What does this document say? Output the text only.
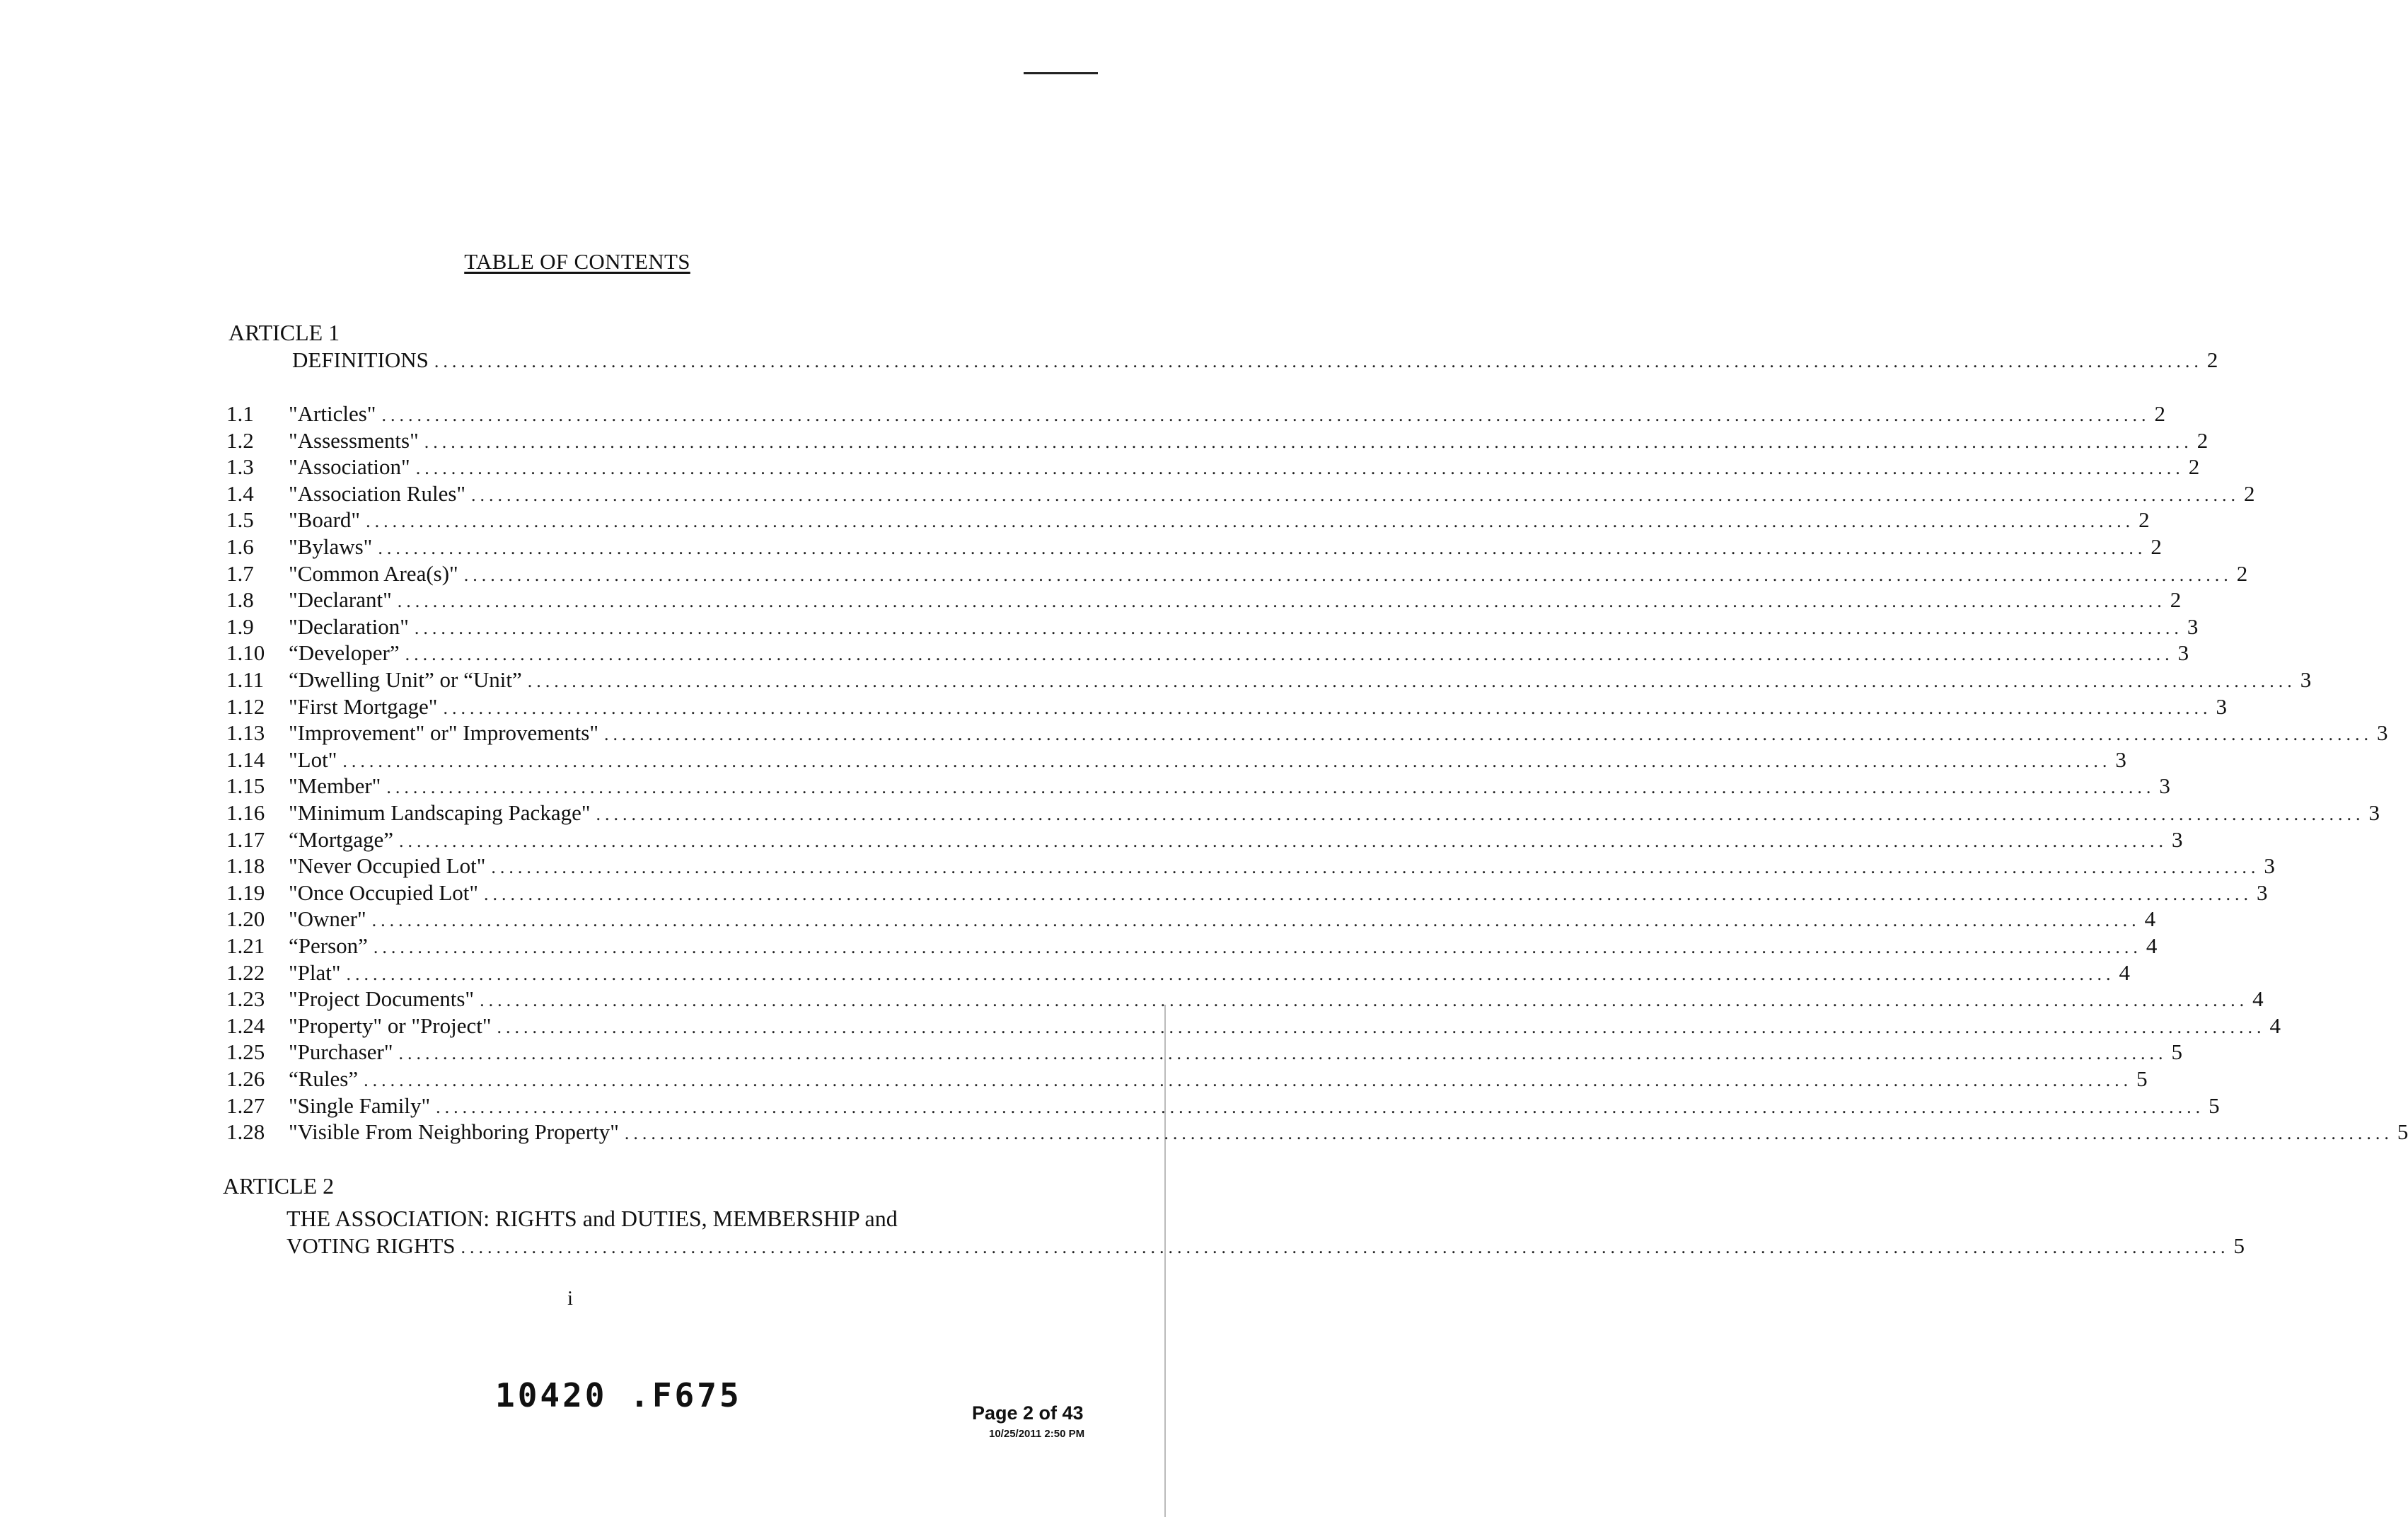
TABLE OF CONTENTS
ARTICLE 1
DEFINITIONS ........................................................................................................................................................................................................ 2
1.1 "Articles" ........................................................................................................................................................................................................ 2
1.2 "Assessments" ........................................................................................................................................................................................................ 2
1.3 "Association" ........................................................................................................................................................................................................ 2
1.4 "Association Rules" ........................................................................................................................................................................................................ 2
1.5 "Board" ........................................................................................................................................................................................................ 2
1.6 "Bylaws" ........................................................................................................................................................................................................ 2
1.7 "Common Area(s)" ........................................................................................................................................................................................................ 2
1.8 "Declarant" ........................................................................................................................................................................................................ 2
1.9 "Declaration" ........................................................................................................................................................................................................ 3
1.10 “Developer” ........................................................................................................................................................................................................ 3
1.11 “Dwelling Unit” or “Unit” ........................................................................................................................................................................................................ 3
1.12 "First Mortgage" ........................................................................................................................................................................................................ 3
1.13 "Improvement" or" Improvements" ........................................................................................................................................................................................................ 3
1.14 "Lot" ........................................................................................................................................................................................................ 3
1.15 "Member" ........................................................................................................................................................................................................ 3
1.16 "Minimum Landscaping Package" ........................................................................................................................................................................................................ 3
1.17 “Mortgage” ........................................................................................................................................................................................................ 3
1.18 "Never Occupied Lot" ........................................................................................................................................................................................................ 3
1.19 "Once Occupied Lot" ........................................................................................................................................................................................................ 3
1.20 "Owner" ........................................................................................................................................................................................................ 4
1.21 “Person” ........................................................................................................................................................................................................ 4
1.22 "Plat" ........................................................................................................................................................................................................ 4
1.23 "Project Documents" ........................................................................................................................................................................................................ 4
1.24 "Property" or "Project" ........................................................................................................................................................................................................ 4
1.25 "Purchaser" ........................................................................................................................................................................................................ 5
1.26 “Rules” ........................................................................................................................................................................................................ 5
1.27 "Single Family" ........................................................................................................................................................................................................ 5
1.28 "Visible From Neighboring Property" ........................................................................................................................................................................................................ 5
ARTICLE 2
THE ASSOCIATION: RIGHTS and DUTIES, MEMBERSHIP and
VOTING RIGHTS ........................................................................................................................................................................................................ 5
i
10420 .F675	Page 2 of 43
10/25/2011 2:50 PM
